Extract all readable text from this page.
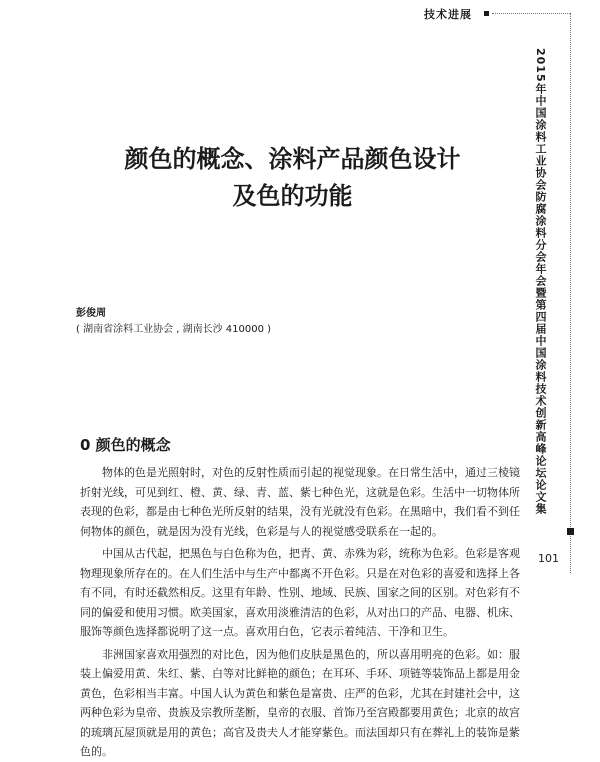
技术进展
2015年中国涂料工业协会防腐涂料分会年会暨第四届中国涂料技术创新高峰论坛论文集
101
颜色的概念、涂料产品颜色设计
及色的功能
彭俊周
( 湖南省涂料工业协会 , 湖南长沙 410000 )
0 颜色的概念

物体的色是光照射时，对色的反射性质而引起的视觉现象。在日常生活中，通过三棱镜折射光线，可见到红、橙、黄、绿、青、蓝、紫七种色光，这就是色彩。生活中一切物体所表现的色彩，都是由七种色光所反射的结果，没有光就没有色彩。在黑暗中，我们看不到任何物体的颜色，就是因为没有光线，色彩是与人的视觉感受联系在一起的。

中国从古代起，把黑色与白色称为色，把青、黄、赤殊为彩，统称为色彩。色彩是客观物理现象所存在的。在人们生活中与生产中都离不开色彩。只是在对色彩的喜爱和选择上各有不同，有时还截然相反。这里有年龄、性别、地域、民族、国家之间的区别。对色彩有不同的偏爱和使用习惯。欧美国家，喜欢用淡雅清洁的色彩，从对出口的产品、电器、机床、服饰等颜色选择都说明了这一点。喜欢用白色，它表示着纯洁、干净和卫生。

非洲国家喜欢用强烈的对比色，因为他们皮肤是黑色的，所以喜用明亮的色彩。如：服装上偏爱用黄、朱红、紫、白等对比鲜艳的颜色；在耳环、手环、项链等装饰品上都是用金黄色，色彩相当丰富。中国人认为黄色和紫色是富贵、庄严的色彩，尤其在封建社会中，这两种色彩为皇帝、贵族及宗教所垄断，皇帝的衣服、首饰乃至宫殿都要用黄色；北京的故宫的琉璃瓦屋顶就是用的黄色；高官及贵夫人才能穿紫色。而法国却只有在葬礼上的装饰是紫色的。
